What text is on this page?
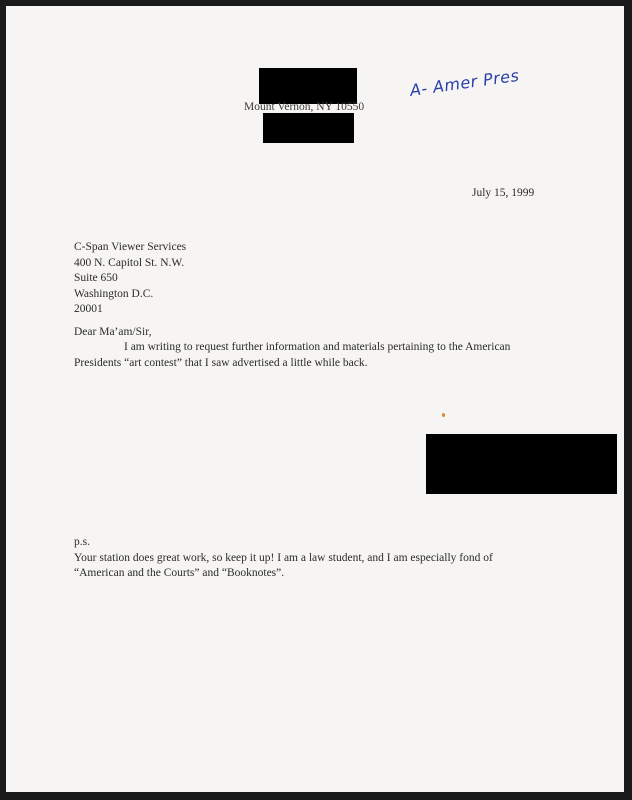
Mount Vernon, NY 10550
A- Amer Pres
July 15, 1999
C-Span Viewer Services
400 N. Capitol St. N.W.
Suite 650
Washington D.C.
20001
Dear Ma’am/Sir,
I am writing to request further information and materials pertaining to the American
Presidents “art contest” that I saw advertised a little while back.
p.s.
Your station does great work, so keep it up! I am a law student, and I am especially fond of
“American and the Courts” and “Booknotes”.
